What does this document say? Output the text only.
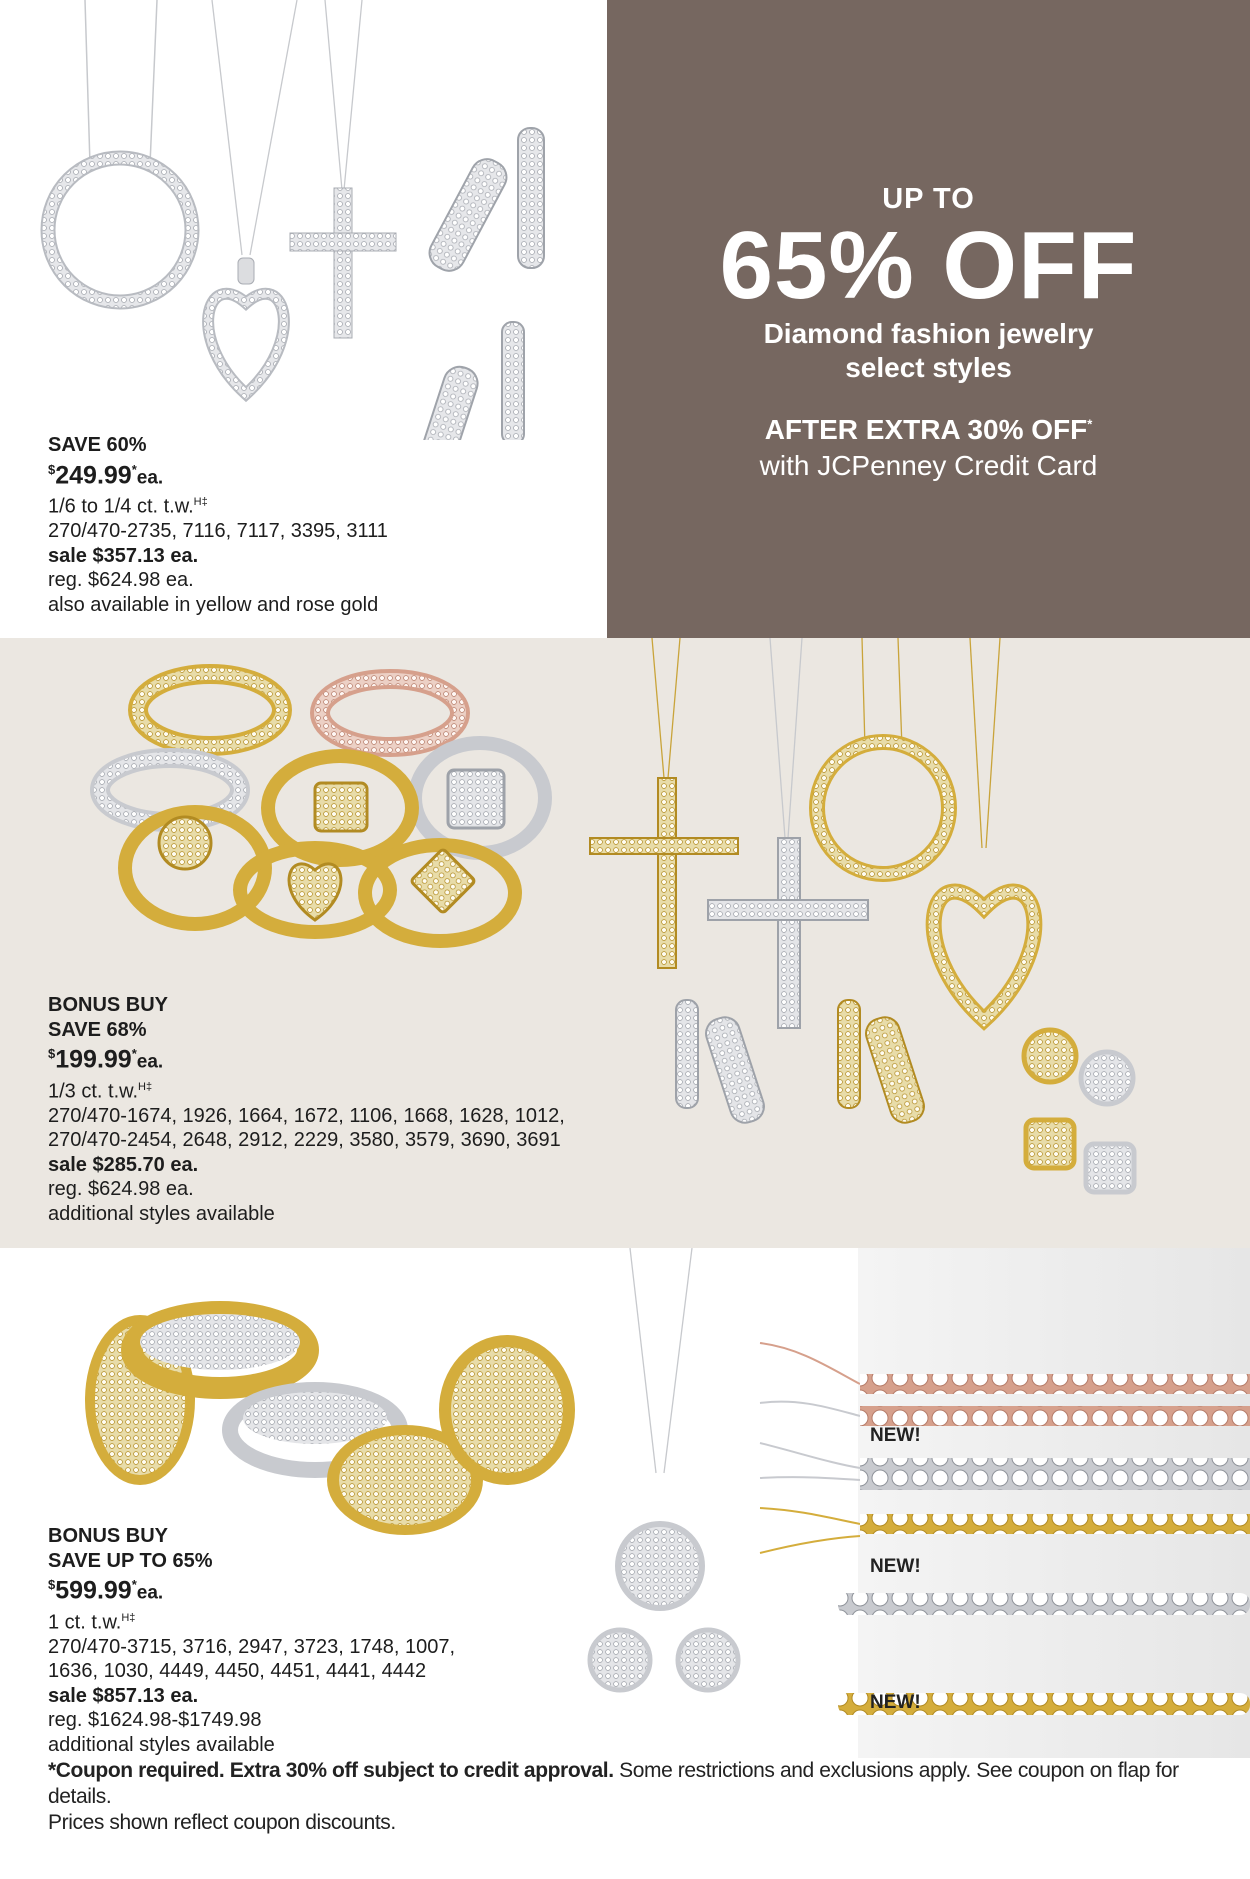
SAVE 60%
$249.99*ea.
1/6 to 1/4 ct. t.w.$^{H\ddagger}$
270/470-2735, 7116, 7117, 3395, 3111
sale $357.13 ea.
reg. $624.98 ea.
also available in yellow and rose gold
UP TO
65% OFF
Diamond fashion jewelry
select styles
AFTER EXTRA 30% OFF*
with JCPenney Credit Card
BONUS BUY
SAVE 68%
$199.99*ea.
1/3 ct. t.w.$^{H\ddagger}$
270/470-1674, 1926, 1664, 1672, 1106, 1668, 1628, 1012,
270/470-2454, 2648, 2912, 2229, 3580, 3579, 3690, 3691
sale $285.70 ea.
reg. $624.98 ea.
additional styles available
NEW!
NEW!
NEW!
BONUS BUY
SAVE UP TO 65%
$599.99*ea.
1 ct. t.w.$^{H\ddagger}$
270/470-3715, 3716, 2947, 3723, 1748, 1007,
1636, 1030, 4449, 4450, 4451, 4441, 4442
sale $857.13 ea.
reg. $1624.98-$1749.98
additional styles available
*Coupon required. Extra 30% off subject to credit approval. Some restrictions and exclusions apply. See coupon on flap for details.
Prices shown reflect coupon discounts.
